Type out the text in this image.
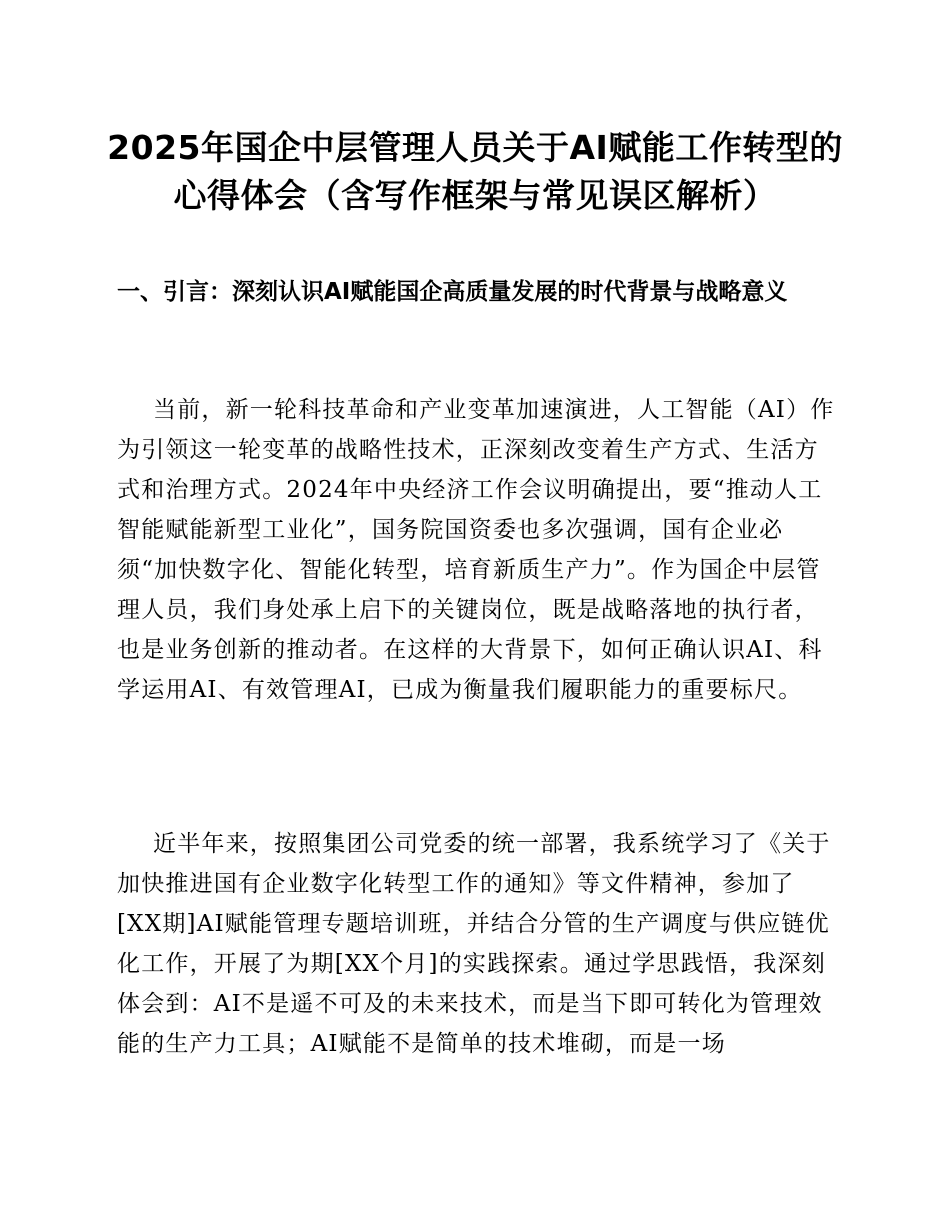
2025年国企中层管理人员关于AI赋能工作转型的心得体会（含写作框架与常见误区解析）
一、引言：深刻认识AI赋能国企高质量发展的时代背景与战略意义

当前，新一轮科技革命和产业变革加速演进，人工智能（AI）作为引领这一轮变革的战略性技术，正深刻改变着生产方式、生活方式和治理方式。2024年中央经济工作会议明确提出，要“推动人工智能赋能新型工业化”，国务院国资委也多次强调，国有企业必须“加快数字化、智能化转型，培育新质生产力”。作为国企中层管理人员，我们身处承上启下的关键岗位，既是战略落地的执行者，也是业务创新的推动者。在这样的大背景下，如何正确认识AI、科学运用AI、有效管理AI，已成为衡量我们履职能力的重要标尺。

近半年来，按照集团公司党委的统一部署，我系统学习了《关于加快推进国有企业数字化转型工作的通知》等文件精神，参加了[XX期]AI赋能管理专题培训班，并结合分管的生产调度与供应链优化工作，开展了为期[XX个月]的实践探索。通过学思践悟，我深刻体会到：AI不是遥不可及的未来技术，而是当下即可转化为管理效能的生产力工具；AI赋能不是简单的技术堆砌，而是一场
